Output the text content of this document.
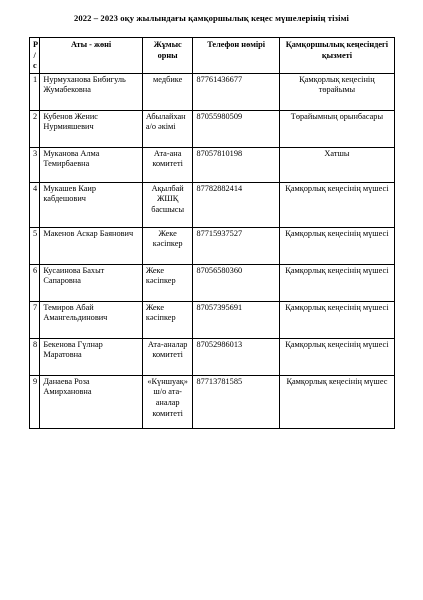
2022 – 2023 оқу жылындағы қамқоршылық кеңес мүшелерінің тізімі
Р/с	Аты - жөні	Жұмыс орны	Телефон нөмірі	Қамқоршылық кеңесіндегі қызметі
1	Нурмуханова Бибигуль Жумабековна	медбике	87761436677	Қамқорлық кеңесінің төрайымы
2	Кубенов Женис Нурмияшевич	Абылайхан а/о әкімі	87055980509	Төрайымның орынбасары
3	Муканова Алма Темирбаевна	Ата-ана комитеті	87057810198	Хатшы
4	Мукашев Каир кабдешович	Ақылбай ЖШҚ басшысы	87782882414	Қамқорлық кеңесінің мүшесі
5	Макенов Аскар Баянович	Жеке кәсіпкер	87715937527	Қамқорлық кеңесінің мүшесі
6	Кусаинова Бахыт Сапаровна	Жеке кәсіпкер	87056580360	Қамқорлық кеңесінің мүшесі
7	Темиров Абай Амангельдинович	Жеке кәсіпкер	87057395691	Қамқорлық кеңесінің мүшесі
8	Бекенова Гүлнар Маратовна	Ата-аналар комитеті	87052986013	Қамқорлық кеңесінің мүшесі
9	Данаева Роза Амирхановна	«Күншуақ» ш/о ата-аналар комитеті	87713781585	Қамқорлық кеңесінің мүшес
